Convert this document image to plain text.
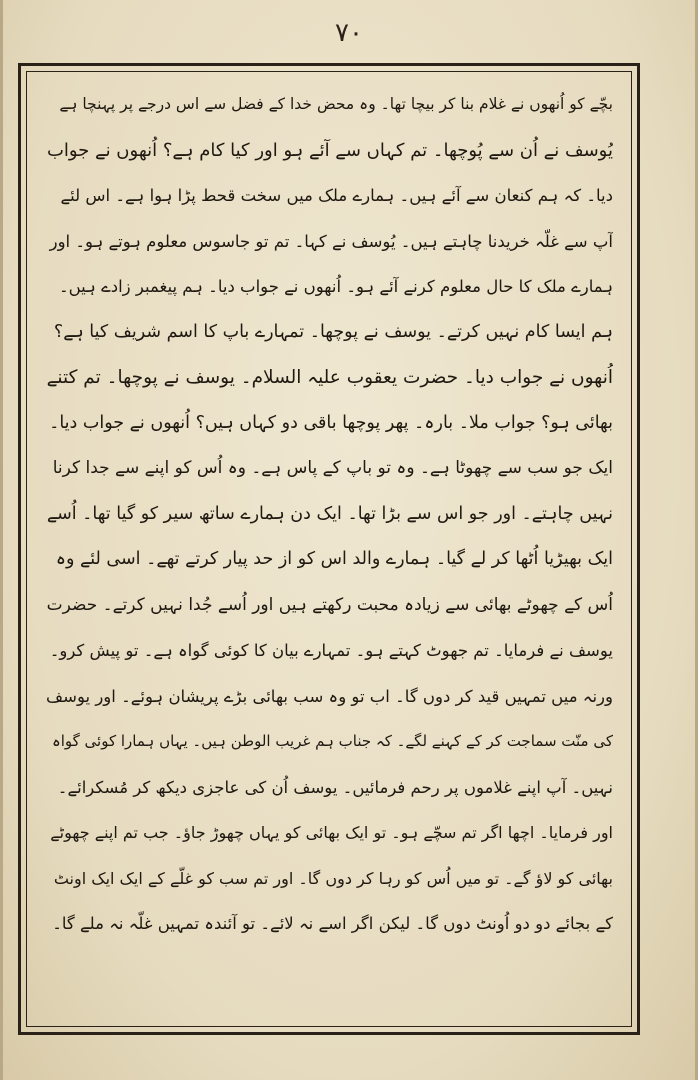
۷۰
بچّے کو اُنھوں نے غلام بنا کر بیچا تھا۔ وہ محض خدا کے فضل سے اس درجے پر پہنچا ہے
یُوسف نے اُن سے پُوچھا۔ تم کہاں سے آئے ہو اور کیا کام ہے؟ اُنھوں نے جواب
دیا۔ کہ ہم کنعان سے آئے ہیں۔ ہمارے ملک میں سخت قحط پڑا ہوا ہے۔ اس لئے
آپ سے غلّہ خریدنا چاہتے ہیں۔ یُوسف نے کہا۔ تم تو جاسوس معلوم ہوتے ہو۔ اور
ہمارے ملک کا حال معلوم کرنے آئے ہو۔ اُنھوں نے جواب دیا۔ ہم پیغمبر زادے ہیں۔
ہم ایسا کام نہیں کرتے۔ یوسف نے پوچھا۔ تمہارے باپ کا اسم شریف کیا ہے؟
اُنھوں نے جواب دیا۔ حضرت یعقوب علیہ السلام۔ یوسف نے پوچھا۔ تم کتنے
بھائی ہو؟ جواب ملا۔ بارہ۔ پھر پوچھا باقی دو کہاں ہیں؟ اُنھوں نے جواب دیا۔
ایک جو سب سے چھوٹا ہے۔ وہ تو باپ کے پاس ہے۔ وہ اُس کو اپنے سے جدا کرنا
نہیں چاہتے۔ اور جو اس سے بڑا تھا۔ ایک دن ہمارے ساتھ سیر کو گیا تھا۔ اُسے
ایک بھیڑیا اُٹھا کر لے گیا۔ ہمارے والد اس کو از حد پیار کرتے تھے۔ اسی لئے وہ
اُس کے چھوٹے بھائی سے زیادہ محبت رکھتے ہیں اور اُسے جُدا نہیں کرتے۔ حضرت
یوسف نے فرمایا۔ تم جھوٹ کہتے ہو۔ تمہارے بیان کا کوئی گواہ ہے۔ تو پیش کرو۔
ورنہ میں تمہیں قید کر دوں گا۔ اب تو وہ سب بھائی بڑے پریشان ہوئے۔ اور یوسف
کی منّت سماجت کر کے کہنے لگے۔ کہ جناب ہم غریب الوطن ہیں۔ یہاں ہمارا کوئی گواہ
نہیں۔ آپ اپنے غلاموں پر رحم فرمائیں۔ یوسف اُن کی عاجزی دیکھ کر مُسکرائے۔
اور فرمایا۔ اچھا اگر تم سچّے ہو۔ تو ایک بھائی کو یہاں چھوڑ جاؤ۔ جب تم اپنے چھوٹے
بھائی کو لاؤ گے۔ تو میں اُس کو رہا کر دوں گا۔ اور تم سب کو غلّے کے ایک ایک اونٹ
کے بجائے دو دو اُونٹ دوں گا۔ لیکن اگر اسے نہ لائے۔ تو آئندہ تمہیں غلّہ نہ ملے گا۔
